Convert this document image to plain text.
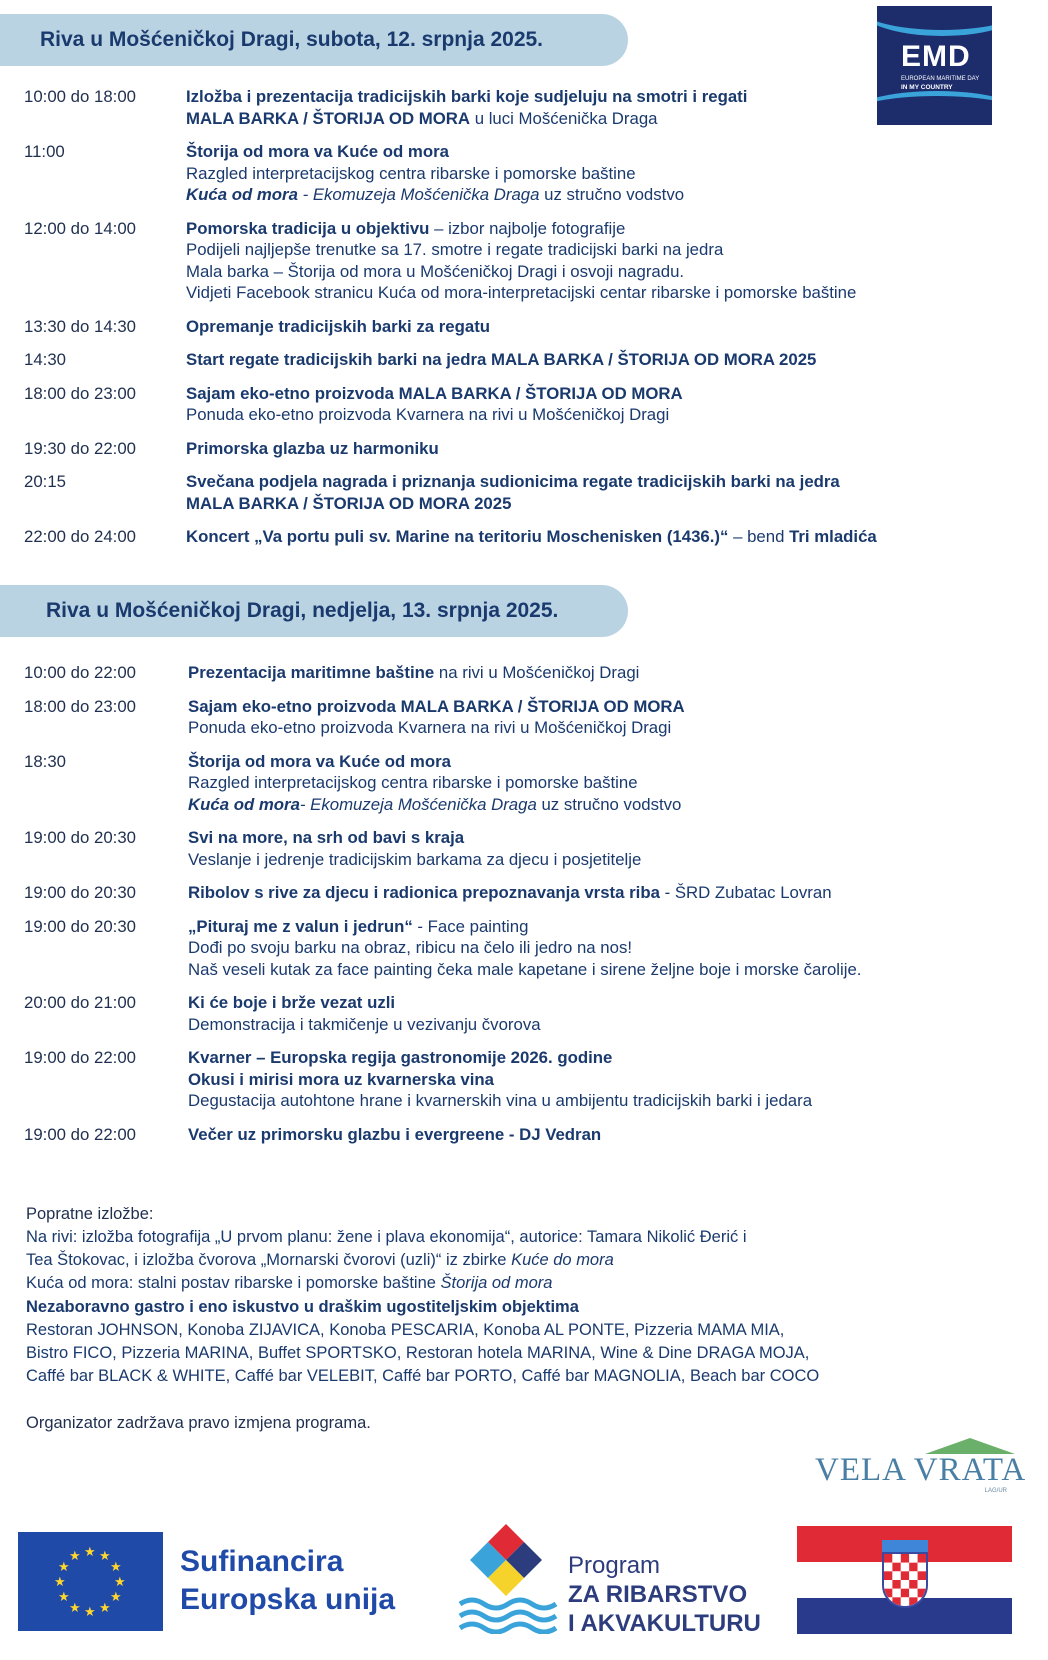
Riva u Mošćeničkoj Dragi, subota, 12. srpnja 2025.
10:00 do 18:00	Izložba i prezentacija tradicijskih barki koje sudjeluju na smotri i regati
MALA BARKA / ŠTORIJA OD MORA u luci Mošćenička Draga
11:00	Štorija od mora va Kuće od mora
Razgled interpretacijskog centra ribarske i pomorske baštine
Kuća od mora - Ekomuzeja Mošćenička Draga uz stručno vodstvo
12:00 do 14:00	Pomorska tradicija u objektivu – izbor najbolje fotografije
Podijeli najljepše trenutke sa 17. smotre i regate tradicijski barki na jedra
Mala barka – Štorija od mora u Mošćeničkoj Dragi i osvoji nagradu.
Vidjeti Facebook stranicu Kuća od mora-interpretacijski centar ribarske i pomorske baštine
13:30 do 14:30	Opremanje tradicijskih barki za regatu
14:30	Start regate tradicijskih barki na jedra MALA BARKA / ŠTORIJA OD MORA 2025
18:00 do 23:00	Sajam eko-etno proizvoda MALA BARKA / ŠTORIJA OD MORA
Ponuda eko-etno proizvoda Kvarnera na rivi u Mošćeničkoj Dragi
19:30 do 22:00	Primorska glazba uz harmoniku
20:15	Svečana podjela nagrada i priznanja sudionicima regate tradicijskih barki na jedra
MALA BARKA / ŠTORIJA OD MORA 2025
22:00 do 24:00	Koncert „Va portu puli sv. Marine na teritoriu Moschenisken (1436.)“ – bend Tri mladića
EMD
EUROPEAN MARITIME DAY
IN MY COUNTRY
Riva u Mošćeničkoj Dragi, nedjelja, 13. srpnja 2025.
10:00 do 22:00	Prezentacija maritimne baštine na rivi u Mošćeničkoj Dragi
18:00 do 23:00	Sajam eko-etno proizvoda MALA BARKA / ŠTORIJA OD MORA
Ponuda eko-etno proizvoda Kvarnera na rivi u Mošćeničkoj Dragi
18:30	Štorija od mora va Kuće od mora
Razgled interpretacijskog centra ribarske i pomorske baštine
Kuća od mora- Ekomuzeja Mošćenička Draga uz stručno vodstvo
19:00 do 20:30	Svi na more, na srh od bavi s kraja
Veslanje i jedrenje tradicijskim barkama za djecu i posjetitelje
19:00 do 20:30	Ribolov s rive za djecu i radionica prepoznavanja vrsta riba - ŠRD Zubatac Lovran
19:00 do 20:30	„Pituraj me z valun i jedrun“ - Face painting
Dođi po svoju barku na obraz, ribicu na čelo ili jedro na nos!
Naš veseli kutak za face painting čeka male kapetane i sirene željne boje i morske čarolije.
20:00 do 21:00	Ki će boje i brže vezat uzli
Demonstracija i takmičenje u vezivanju čvorova
19:00 do 22:00	Kvarner – Europska regija gastronomije 2026. godine
Okusi i mirisi mora uz kvarnerska vina
Degustacija autohtone hrane i kvarnerskih vina u ambijentu tradicijskih barki i jedara
19:00 do 22:00	Večer uz primorsku glazbu i evergreene - DJ Vedran
Popratne izložbe:
Na rivi: izložba fotografija „U prvom planu: žene i plava ekonomija“, autorice: Tamara Nikolić Đerić i
Tea Štokovac, i izložba čvorova „Mornarski čvorovi (uzli)“ iz zbirke Kuće do mora
Kuća od mora: stalni postav ribarske i pomorske baštine Štorija od mora
Nezaboravno gastro i eno iskustvo u draškim ugostiteljskim objektima
Restoran JOHNSON, Konoba ZIJAVICA, Konoba PESCARIA, Konoba AL PONTE, Pizzeria MAMA MIA,
Bistro FICO, Pizzeria MARINA, Buffet SPORTSKO, Restoran hotela MARINA, Wine & Dine DRAGA MOJA,
Caffé bar BLACK & WHITE, Caffé bar VELEBIT, Caffé bar PORTO, Caffé bar MAGNOLIA, Beach bar COCO
Organizator zadržava pravo izmjena programa.
VELA VRATA
LAG/UR
★ ★
★
★
★
★
★
★
★
★
★
★	Sufinancira
Europska unija
Program
ZA RIBARSTVO
I AKVAKULTURU
